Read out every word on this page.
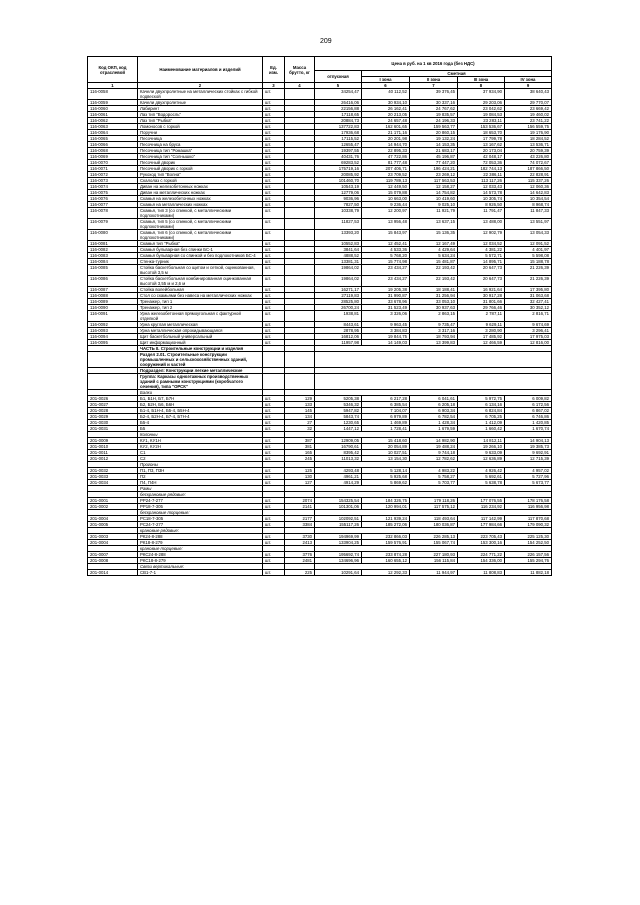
209
Код ОКП, код отраслевой	Наименование материалов и изделий	Ед. изм.	Масса брутто, кг	Цена в руб. на 1 кв 2016 года (без НДС)				
				отпускная	Сметная			
					I зона	II зона	III зона	IV зона
1	2	3	4	5	6	7	8	9
116-0058	Качели двухпролетные на металлических стойках с гибкой подвеской	шт.		34254,47	40 112,52	39 376,45	37 934,90	38 640,43
116-0059	Качели двухпролетные	шт.		26416,06	30 934,10	30 337,16	29 203,06	29 770,07
116-0060	Лабиринт	шт.		22156,88	26 162,41	24 767,62	23 042,62	23 669,42
116-0061	Лаз тип "Водоросль"	шт.		17118,65	20 213,05	19 835,57	19 084,53	19 460,02
116-0062	Лаз тип "Рыбка"	шт.		20884,73	24 657,48	24 196,33	23 283,11	23 741,22
116-0063	Ломоносов с горкой	шт.		137722,83	162 601,65	159 563,77	153 536,67	156 559,75
116-0064	Поручни	шт.		17936,68	21 171,16	20 860,15	18 653,70	19 176,90
116-0065	Песочница	шт.		17115,52	20 201,98	19 132,24	17 799,78	18 284,52
116-0066	Песочница на бруса	шт.		12655,47	14 944,70	14 153,35	13 167,62	13 536,71
116-0068	Песочница тип "Ромашка"	шт.		19397,55	22 895,33	21 683,17	20 173,04	20 759,39
116-0069	Песочница тип "Солнышко"	шт.		40431,76	47 722,86	45 196,87	42 048,17	43 226,80
116-0070	Песочный дворик	шт.		69283,52	81 777,48	77 447,20	72 053,36	74 072,67
116-0071	Песочный дворик с горкой	шт.		175719,16	207 406,71	196 424,21	182 744,13	187 866,50
116-0072	Рукоход тип "Волна"	шт.		20085,92	23 709,52	23 269,12	22 386,11	22 828,91
116-0073	Скалолаз с горкой	шт.		101460,70	119 789,13	117 563,53	113 117,26	115 337,26
116-0074	Диван на железобетонных ножках	шт.		10543,19	12 449,50	12 158,27	12 033,43	12 060,36
116-0075	Диван на металлических ножках	шт.		12779,06	15 079,88	14 754,82	14 573,78	14 642,83
116-0076	Скамья на железобетонных ножках	шт.		9036,96	10 663,00	10 419,60	10 305,74	10 354,54
116-0077	Скамья на металлических ножках	шт.		7827,50	9 236,44	9 025,10	8 926,50	8 968,74
116-0078	Скамья, тип 3 (со спинкой, с металлическими подлокотниками)	шт.		10338,79	12 200,97	11 921,79	11 791,47	11 847,33
116-0079	Скамья, тип 5 (со спинкой, с металлическими подлокотниками)	шт.		11827,53	13 956,48	13 637,15	13 488,00	13 551,97
116-0080	Скамья, тип 6 (со спинкой, с металлическими подлокотниками)	шт.		13393,20	15 843,97	15 136,35	12 902,79	13 054,33
116-0081	Скамья тип "Рыбка"	шт.		10552,83	12 452,41	12 167,49	12 034,52	12 091,52
116-0082	Скамья бульварная без спинки БС-1	шт.		3841,64	4 533,36	4 429,64	4 381,22	4 401,97
116-0083	Скамья бульварная со спинкой и без подлокотников БС-4	шт.		4888,52	5 768,20	5 634,24	5 572,71	5 598,08
116-0084	Стенка-турник	шт.		13381,31	15 774,98	15 481,87	14 895,71	15 188,78
116-0085	Стойка баскетбольная со щитом и сеткой, оцинкованная, высотой 3,5 м	шт.		19864,02	23 434,27	22 193,42	20 647,73	21 226,39
116-0086	Стойка баскетбольная комбинированная оцинкованная высотой 3,55 м и 2,6 м	шт.		19864,02	23 434,27	22 193,42	20 647,73	21 226,39
116-0087	Стойка волейбольная	шт.		16271,17	19 205,38	18 188,41	16 921,64	17 395,80
116-0088	Стол со скамьями без навеса на металлических ножках	шт.		27119,83	31 990,87	31 256,94	30 917,28	31 063,68
116-0089	Тренажер, тип 1	шт.		28525,80	33 678,96	33 053,10	31 801,66	32 427,41
116-0090	Тренажер, тип 2	шт.		26700,24	31 523,49	30 937,63	29 766,46	30 352,12
116-0091	Урна железобетонная прямоугольная с фактурной отделкой	шт.		1938,81	3 326,06	2 863,15	2 787,11	2 816,71
116-0092	Урна круглая металлическая	шт.		8443,61	9 963,45	9 735,47	9 629,11	9 674,69
116-0093	Урна металлическая опрокидывающаяся	шт.		2878,95	3 384,83	3 317,16	3 280,90	3 296,41
116-0094	Щит баскетбольный универсальный	шт.		16812,06	19 844,75	18 793,94	17 485,92	17 975,03
116-0095	Щит информационный	шт.		11957,98	14 149,03	13 399,83	12 466,59	12 816,00
	ЧАСТЬ II. Строительные конструкции и изделия							
	Раздел 2.01. Строительные конструкции промышленных и сельскохозяйственных зданий, сооружений и частей							
	Подраздел: Конструкции легкие металлические							
	Группа: Каркасы одноэтажных производственных зданий с рамными конструкциями (коробчатого сечения), типа "ОРСК"							
	Балки							
201-0026	Б1, Б1Н, Б7, Б7Н	шт.	129	5205,38	6 217,28	6 041,61	5 972,75	6 009,82
201-0027	Б2, Б2Н, Б6, Б6Н	шт.	133	5346,32	6 385,54	6 205,18	6 134,16	6 172,56
201-0028	Б1-4, Б1Н-4, Б5-4, Б5Н-4	шт.	145	5947,82	7 104,07	6 903,34	6 824,84	6 867,02
201-0029	Б2-4, Б2Н-4, Б7-4, Б7Н-4	шт.	134	5843,74	6 979,89	6 782,54	6 705,25	6 746,86
201-0030	Б5-4	шт.	27	1230,65	1 469,89	1 428,34	1 412,09	1 420,85
201-0031	Б5	шт.	32	1447,12	1 728,41	1 679,59	1 660,42	1 670,74
	Колонны							
201-0009	КУ1, КУ1Н	шт.	387	12909,05	15 418,60	14 982,90	14 812,11	14 904,13
201-0010	КУ2, КУ2Н	шт.	381	16790,61	20 054,89	19 488,24	19 266,10	19 385,73
201-0011	С1	шт.	165	8395,42	10 027,51	9 744,18	9 633,09	9 692,91
201-0012	С2	шт.	245	11013,32	13 154,30	12 782,62	12 636,89	12 715,39
	Прогоны							
201-0032	П1, П3, П3Н	шт.	125	4293,48	5 128,14	4 983,22	4 926,42	4 957,02
201-0033	П2	шт.	130	4961,21	5 925,68	5 758,27	5 692,61	5 727,96
201-0034	П4, П4Н	шт.	127	4914,29	5 869,62	5 703,77	5 638,78	5 673,77
	Рамы							
	бескрановые рядовые:							
201-0001	РР24-7-277	шт.	2074	154325,54	184 326,75	179 118,26	177 076,55	178 176,58
201-0002	РР18-7-305	шт.	2141	101301,06	120 994,01	117 575,12	116 234,92	116 956,98
	бескрановые торцевые:							
201-0004	РС18-7-305	шт.	2177	102092,51	121 939,24	118 493,64	117 142,99	117 870,68
201-0005	РС24-7-277	шт.	3384	155117,26	185 272,06	180 036,87	177 984,66	179 090,32
	крановые рядовые:							
201-0003	РК24-8-288	шт.	3730	194969,99	232 866,03	226 285,13	223 705,43	225 125,30
201-0004	РК18-8-279	шт.	2413	133904,25	159 576,91	155 067,74	153 300,16	154 252,50
	крановые торцевые:							
201-0007	РКС24-8-288	шт.	3776	195692,74	233 874,28	227 180,93	224 771,22	226 157,56
201-0008	РКС18-8-279	шт.	2481	134696,96	160 655,12	156 115,84	154 336,00	155 294,76
	Связи вертикальные:							
201-0014	СВ1-7-1	шт.	225	10291,64	12 292,33	11 944,97	11 808,83	11 882,18
